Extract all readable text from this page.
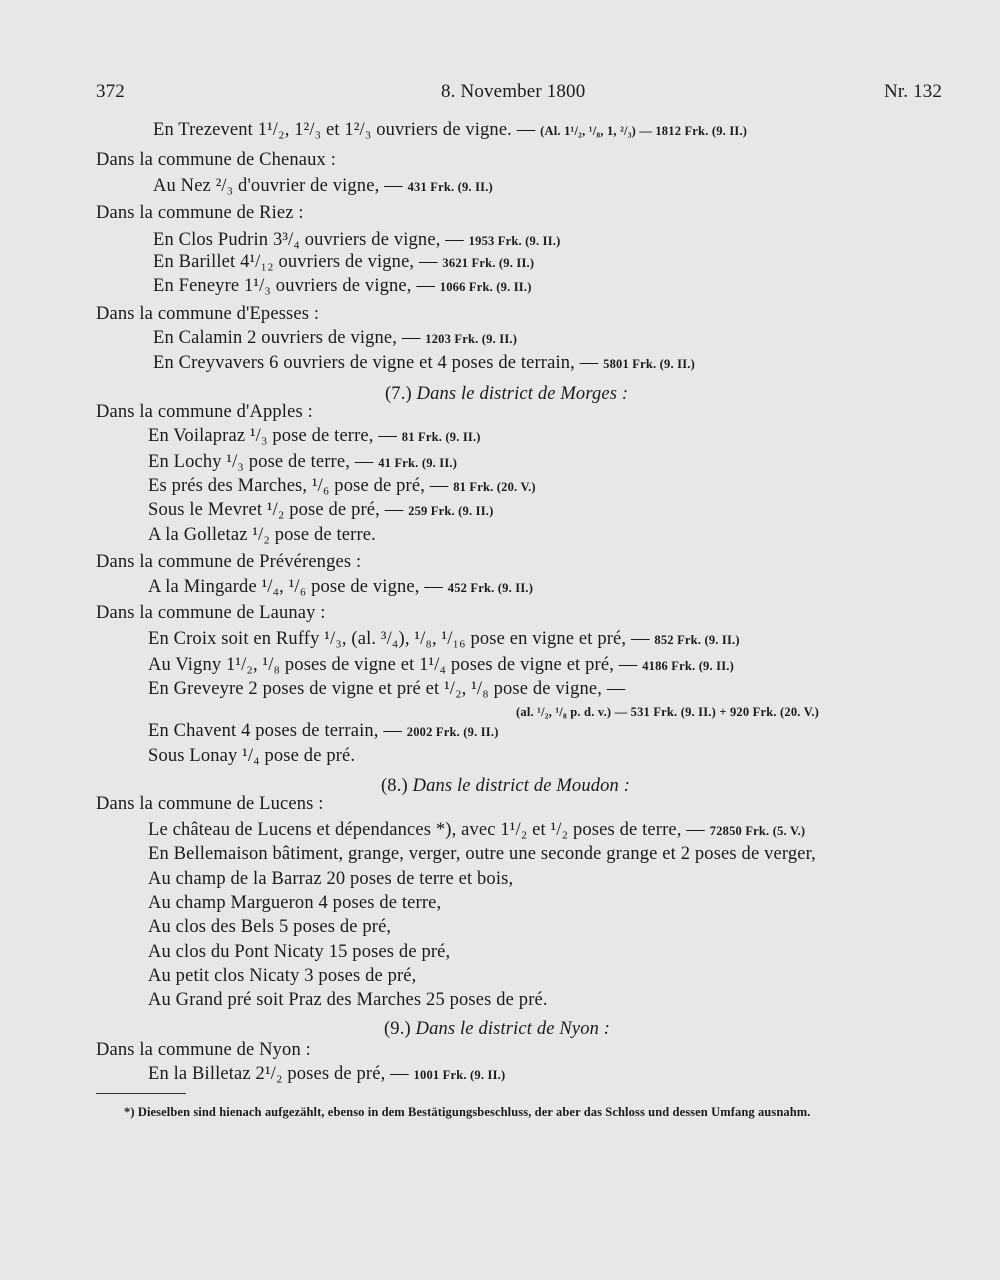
372	8. November 1800	Nr. 132
En Trezevent 1¹/₂, 1²/₃ et 1²/₃ ouvriers de vigne. — (Al. 1¹/₂, ¹/₈, 1, ²/₃) — 1812 Frk. (9. II.)
Dans la commune de Chenaux :
Au Nez ²/₃ d'ouvrier de vigne, — 431 Frk. (9. II.)
Dans la commune de Riez :
En Clos Pudrin 3³/₄ ouvriers de vigne, — 1953 Frk. (9. II.)
En Barillet 4¹/₁₂ ouvriers de vigne, — 3621 Frk. (9. II.)
En Feneyre 1¹/₃ ouvriers de vigne, — 1066 Frk. (9. II.)
Dans la commune d'Epesses :
En Calamin 2 ouvriers de vigne, — 1203 Frk. (9. II.)
En Creyvavers 6 ouvriers de vigne et 4 poses de terrain, — 5801 Frk. (9. II.)
(7.) Dans le district de Morges :
Dans la commune d'Apples :
En Voilapraz ¹/₃ pose de terre, — 81 Frk. (9. II.)
En Lochy ¹/₃ pose de terre, — 41 Frk. (9. II.)
Es prés des Marches, ¹/₆ pose de pré, — 81 Frk. (20. V.)
Sous le Mevret ¹/₂ pose de pré, — 259 Frk. (9. II.)
A la Golletaz ¹/₂ pose de terre.
Dans la commune de Prévérenges :
A la Mingarde ¹/₄, ¹/₆ pose de vigne, — 452 Frk. (9. II.)
Dans la commune de Launay :
En Croix soit en Ruffy ¹/₃, (al. ³/₄), ¹/₈, ¹/₁₆ pose en vigne et pré, — 852 Frk. (9. II.)
Au Vigny 1¹/₂, ¹/₈ poses de vigne et 1¹/₄ poses de vigne et pré, — 4186 Frk. (9. II.)
En Greveyre 2 poses de vigne et pré et ¹/₂, ¹/₈ pose de vigne, —
(al. ¹/₂, ¹/₈ p. d. v.) — 531 Frk. (9. II.) + 920 Frk. (20. V.)
En Chavent 4 poses de terrain, — 2002 Frk. (9. II.)
Sous Lonay ¹/₄ pose de pré.
(8.) Dans le district de Moudon :
Dans la commune de Lucens :
Le château de Lucens et dépendances *), avec 1¹/₂ et ¹/₂ poses de terre, — 72850 Frk. (5. V.)
En Bellemaison bâtiment, grange, verger, outre une seconde grange et 2 poses de verger,
Au champ de la Barraz 20 poses de terre et bois,
Au champ Margueron 4 poses de terre,
Au clos des Bels 5 poses de pré,
Au clos du Pont Nicaty 15 poses de pré,
Au petit clos Nicaty 3 poses de pré,
Au Grand pré soit Praz des Marches 25 poses de pré.
(9.) Dans le district de Nyon :
Dans la commune de Nyon :
En la Billetaz 2¹/₂ poses de pré, — 1001 Frk. (9. II.)
*) Dieselben sind hienach aufgezählt, ebenso in dem Bestätigungsbeschluss, der aber das Schloss und dessen Umfang ausnahm.
